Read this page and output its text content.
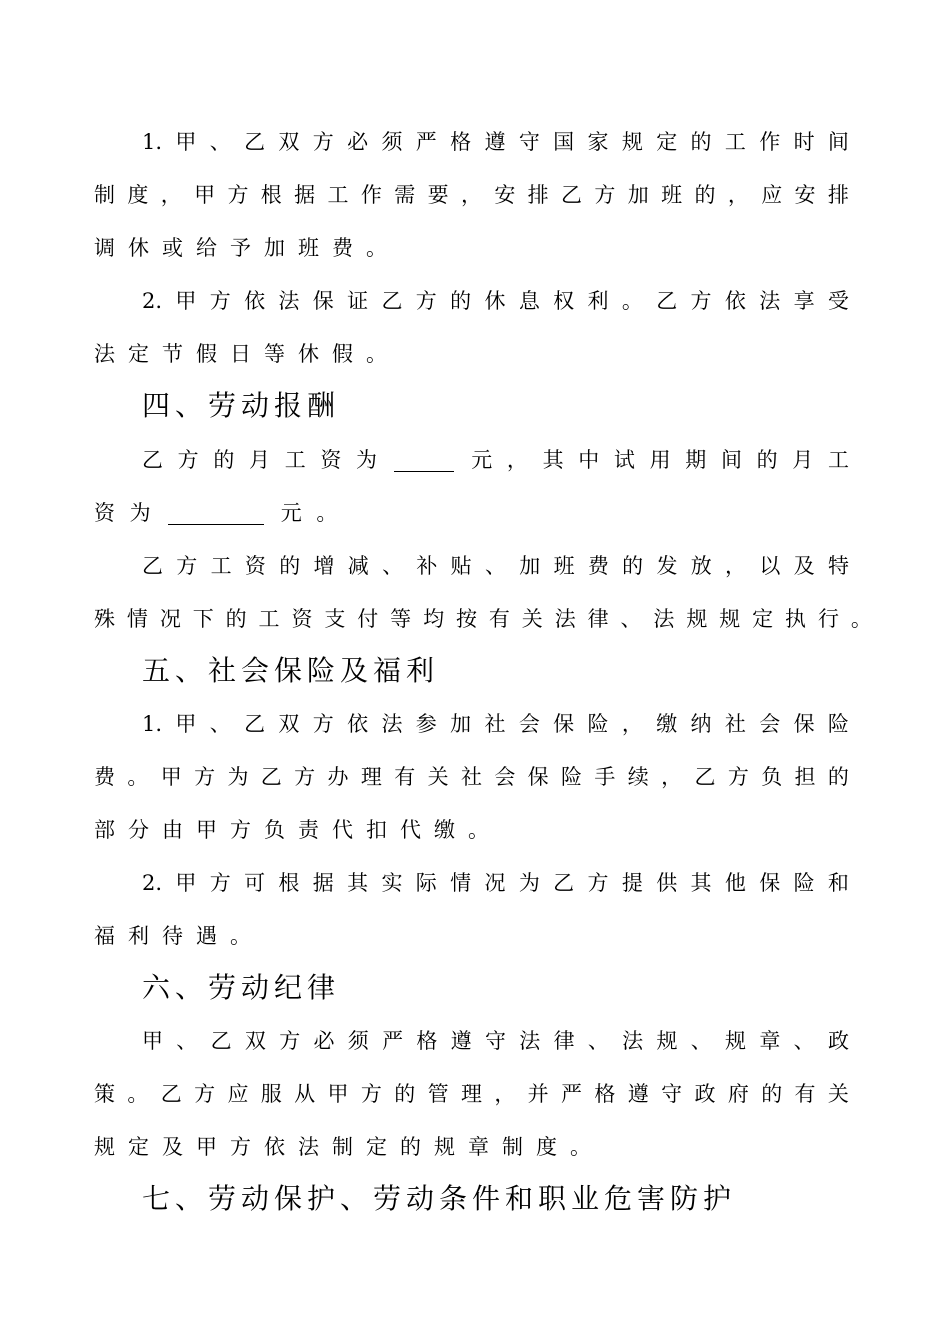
1. 甲 、 乙 双 方 必 须 严 格 遵 守 国 家 规 定 的 工 作 时 间
制 度 ， 甲 方 根 据 工 作 需 要 ， 安 排 乙 方 加 班 的 ， 应 安 排
调 休 或 给 予 加 班 费 。
2. 甲 方 依 法 保 证 乙 方 的 休 息 权 利 。 乙 方 依 法 享 受
法 定 节 假 日 等 休 假 。
四、劳动报酬
乙 方 的 月 工 资 为	元 ， 其 中 试 用 期 间 的 月 工
资 为	元 。
乙 方 工 资 的 增 减 、 补 贴 、 加 班 费 的 发 放 ， 以 及 特
殊 情 况 下 的 工 资 支 付 等 均 按 有 关 法 律 、 法 规 规 定 执 行 。
五、社会保险及福利
1. 甲 、 乙 双 方 依 法 参 加 社 会 保 险 ， 缴 纳 社 会 保 险
费 。 甲 方 为 乙 方 办 理 有 关 社 会 保 险 手 续 ， 乙 方 负 担 的
部 分 由 甲 方 负 责 代 扣 代 缴 。
2. 甲 方 可 根 据 其 实 际 情 况 为 乙 方 提 供 其 他 保 险 和
福 利 待 遇 。
六、劳动纪律
甲 、 乙 双 方 必 须 严 格 遵 守 法 律 、 法 规 、 规 章 、 政
策 。 乙 方 应 服 从 甲 方 的 管 理 ， 并 严 格 遵 守 政 府 的 有 关
规 定 及 甲 方 依 法 制 定 的 规 章 制 度 。
七、劳动保护、劳动条件和职业危害防护
